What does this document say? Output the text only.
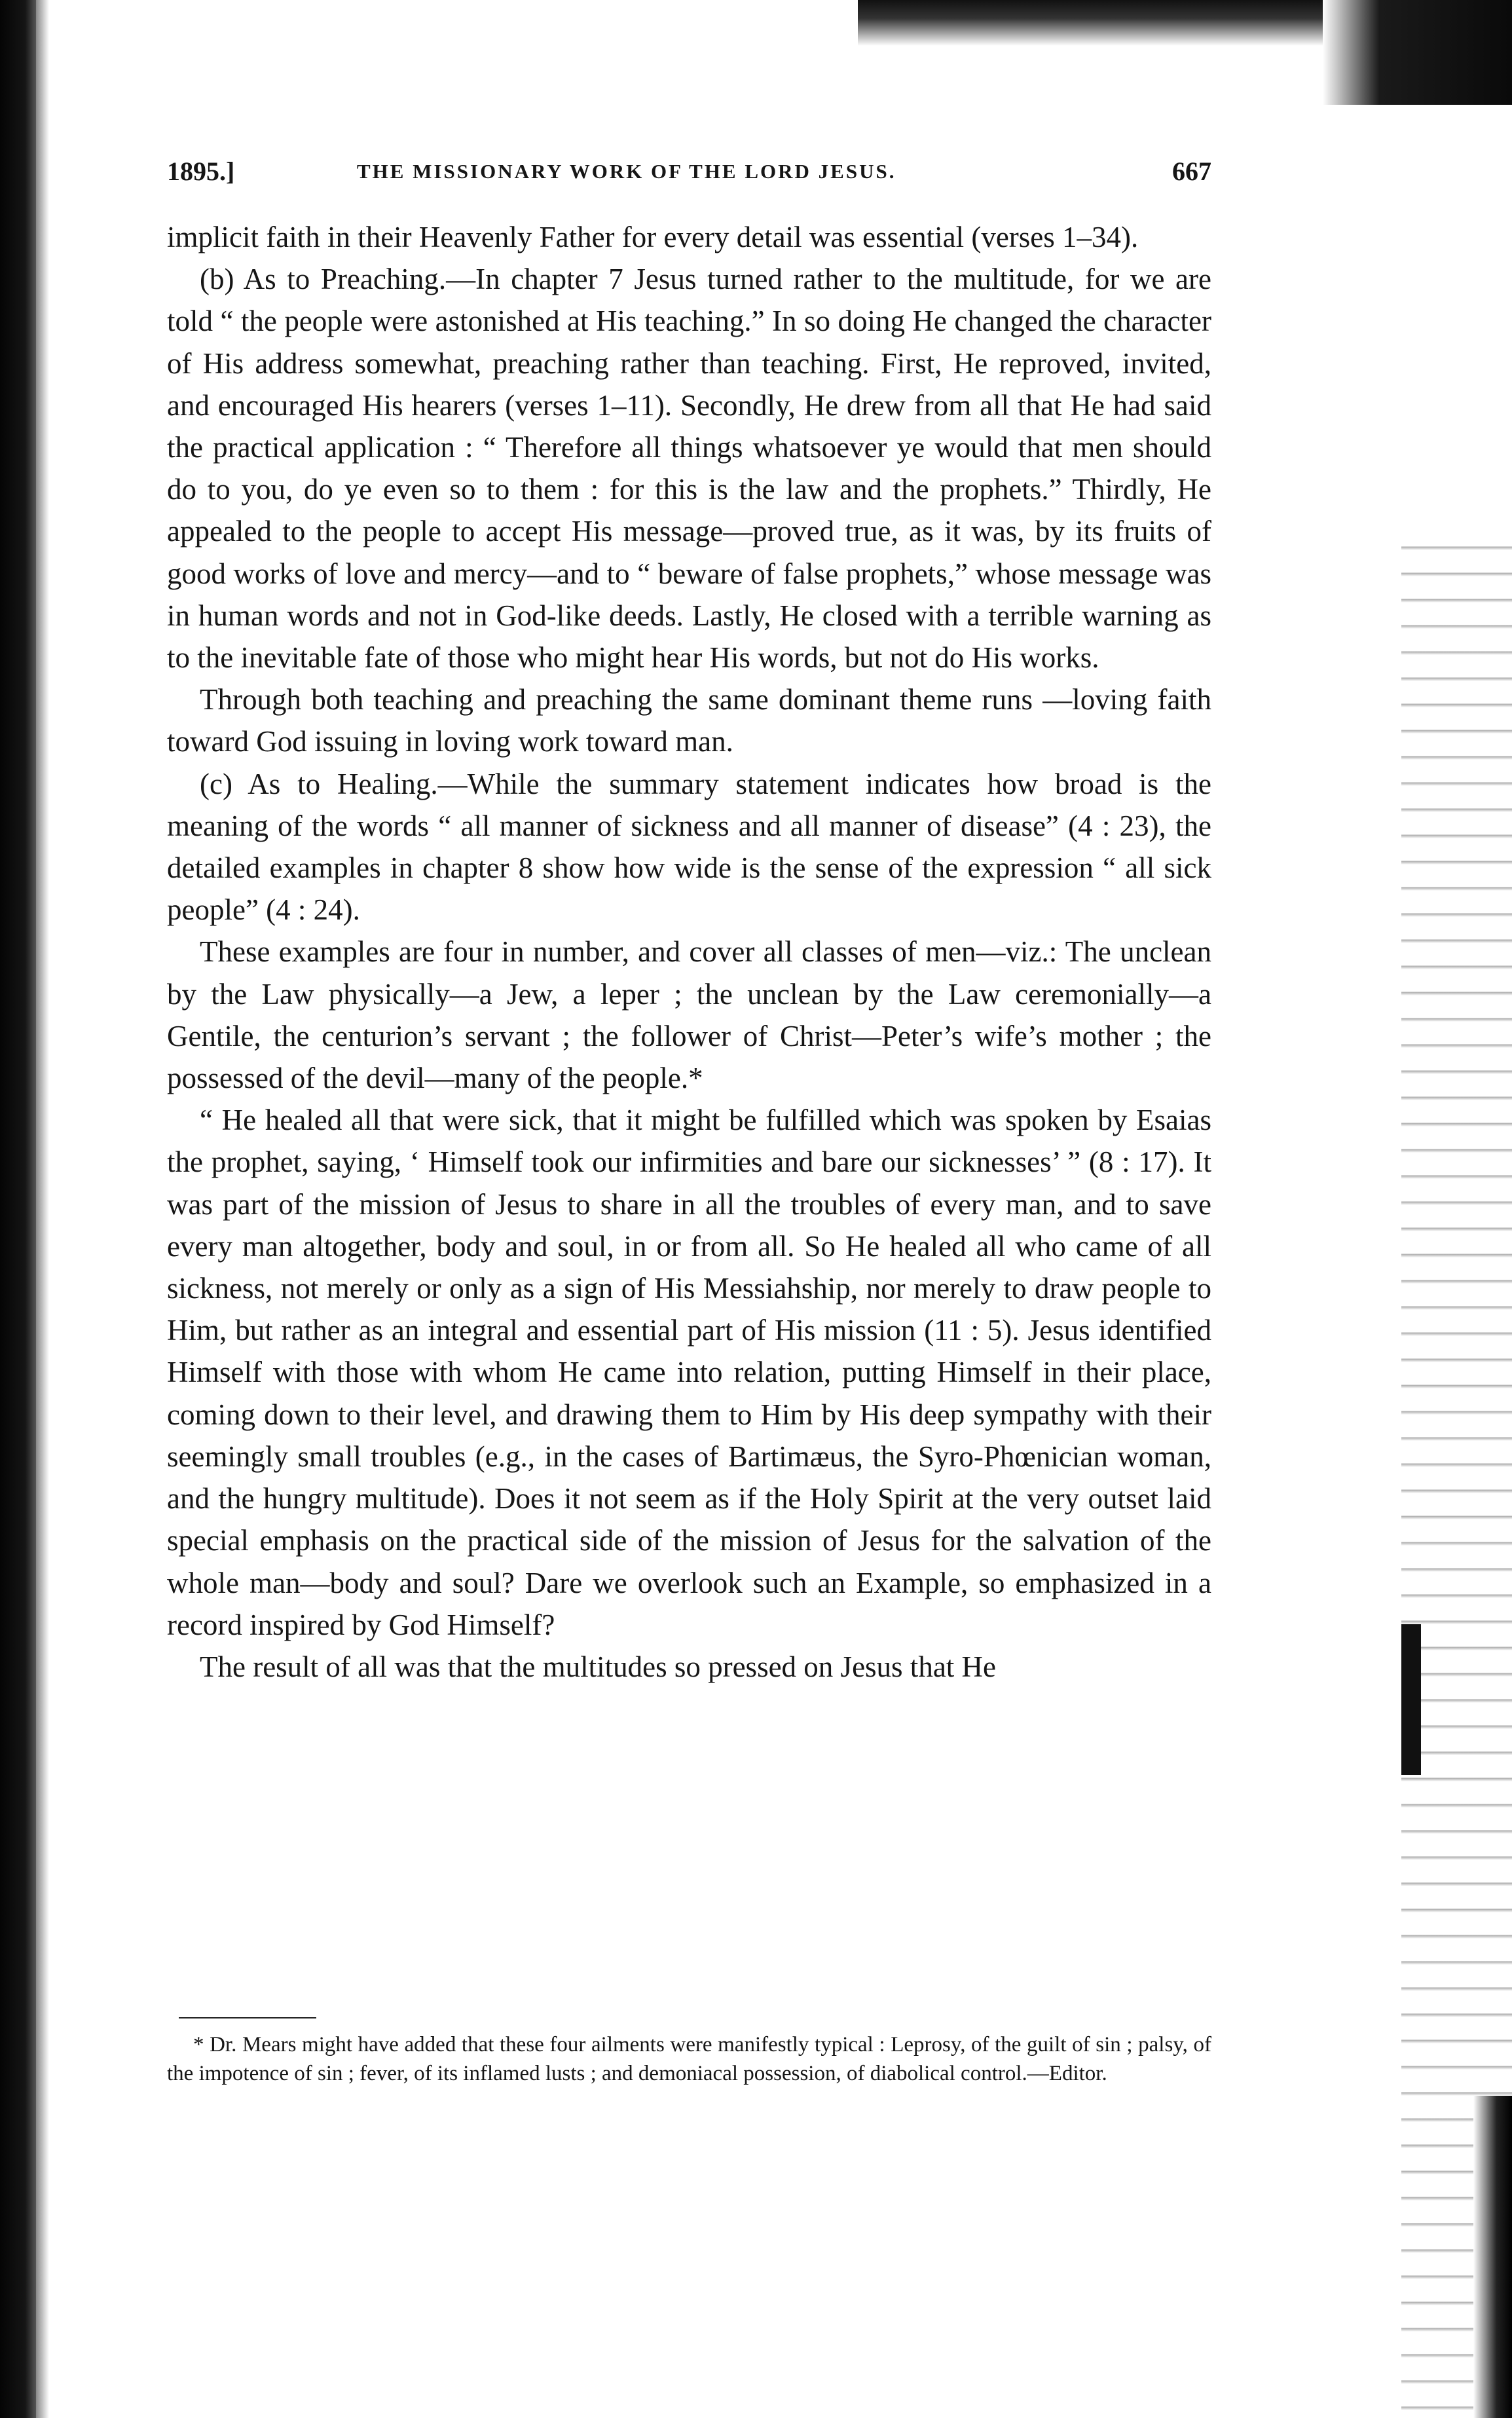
1895.]	THE MISSIONARY WORK OF THE LORD JESUS.	667

implicit faith in their Heavenly Father for every detail was essential (verses 1–34).

(b) As to Preaching.—In chapter 7 Jesus turned rather to the multitude, for we are told “ the people were astonished at His teaching.” In so doing He changed the character of His address somewhat, preaching rather than teaching. First, He reproved, invited, and encouraged His hearers (verses 1–11). Secondly, He drew from all that He had said the practical application : “ Therefore all things whatsoever ye would that men should do to you, do ye even so to them : for this is the law and the prophets.” Thirdly, He appealed to the people to accept His message—proved true, as it was, by its fruits of good works of love and mercy—and to “ beware of false prophets,” whose message was in human words and not in God-like deeds. Lastly, He closed with a terrible warning as to the inevitable fate of those who might hear His words, but not do His works.

Through both teaching and preaching the same dominant theme runs —loving faith toward God issuing in loving work toward man.

(c) As to Healing.—While the summary statement indicates how broad is the meaning of the words “ all manner of sickness and all manner of disease” (4 : 23), the detailed examples in chapter 8 show how wide is the sense of the expression “ all sick people” (4 : 24).

These examples are four in number, and cover all classes of men—viz.: The unclean by the Law physically—a Jew, a leper ; the unclean by the Law ceremonially—a Gentile, the centurion’s servant ; the follower of Christ—Peter’s wife’s mother ; the possessed of the devil—many of the people.*

“ He healed all that were sick, that it might be fulfilled which was spoken by Esaias the prophet, saying, ‘ Himself took our infirmities and bare our sicknesses’ ” (8 : 17). It was part of the mission of Jesus to share in all the troubles of every man, and to save every man altogether, body and soul, in or from all. So He healed all who came of all sickness, not merely or only as a sign of His Messiahship, nor merely to draw people to Him, but rather as an integral and essential part of His mission (11 : 5). Jesus identified Himself with those with whom He came into relation, putting Himself in their place, coming down to their level, and drawing them to Him by His deep sympathy with their seemingly small troubles (e.g., in the cases of Bartimæus, the Syro-Phœnician woman, and the hungry multitude). Does it not seem as if the Holy Spirit at the very outset laid special emphasis on the practical side of the mission of Jesus for the salvation of the whole man—body and soul? Dare we overlook such an Example, so emphasized in a record inspired by God Himself?

The result of all was that the multitudes so pressed on Jesus that He

* Dr. Mears might have added that these four ailments were manifestly typical : Leprosy, of the guilt of sin ; palsy, of the impotence of sin ; fever, of its inflamed lusts ; and demoniacal possession, of diabolical control.—Editor.
